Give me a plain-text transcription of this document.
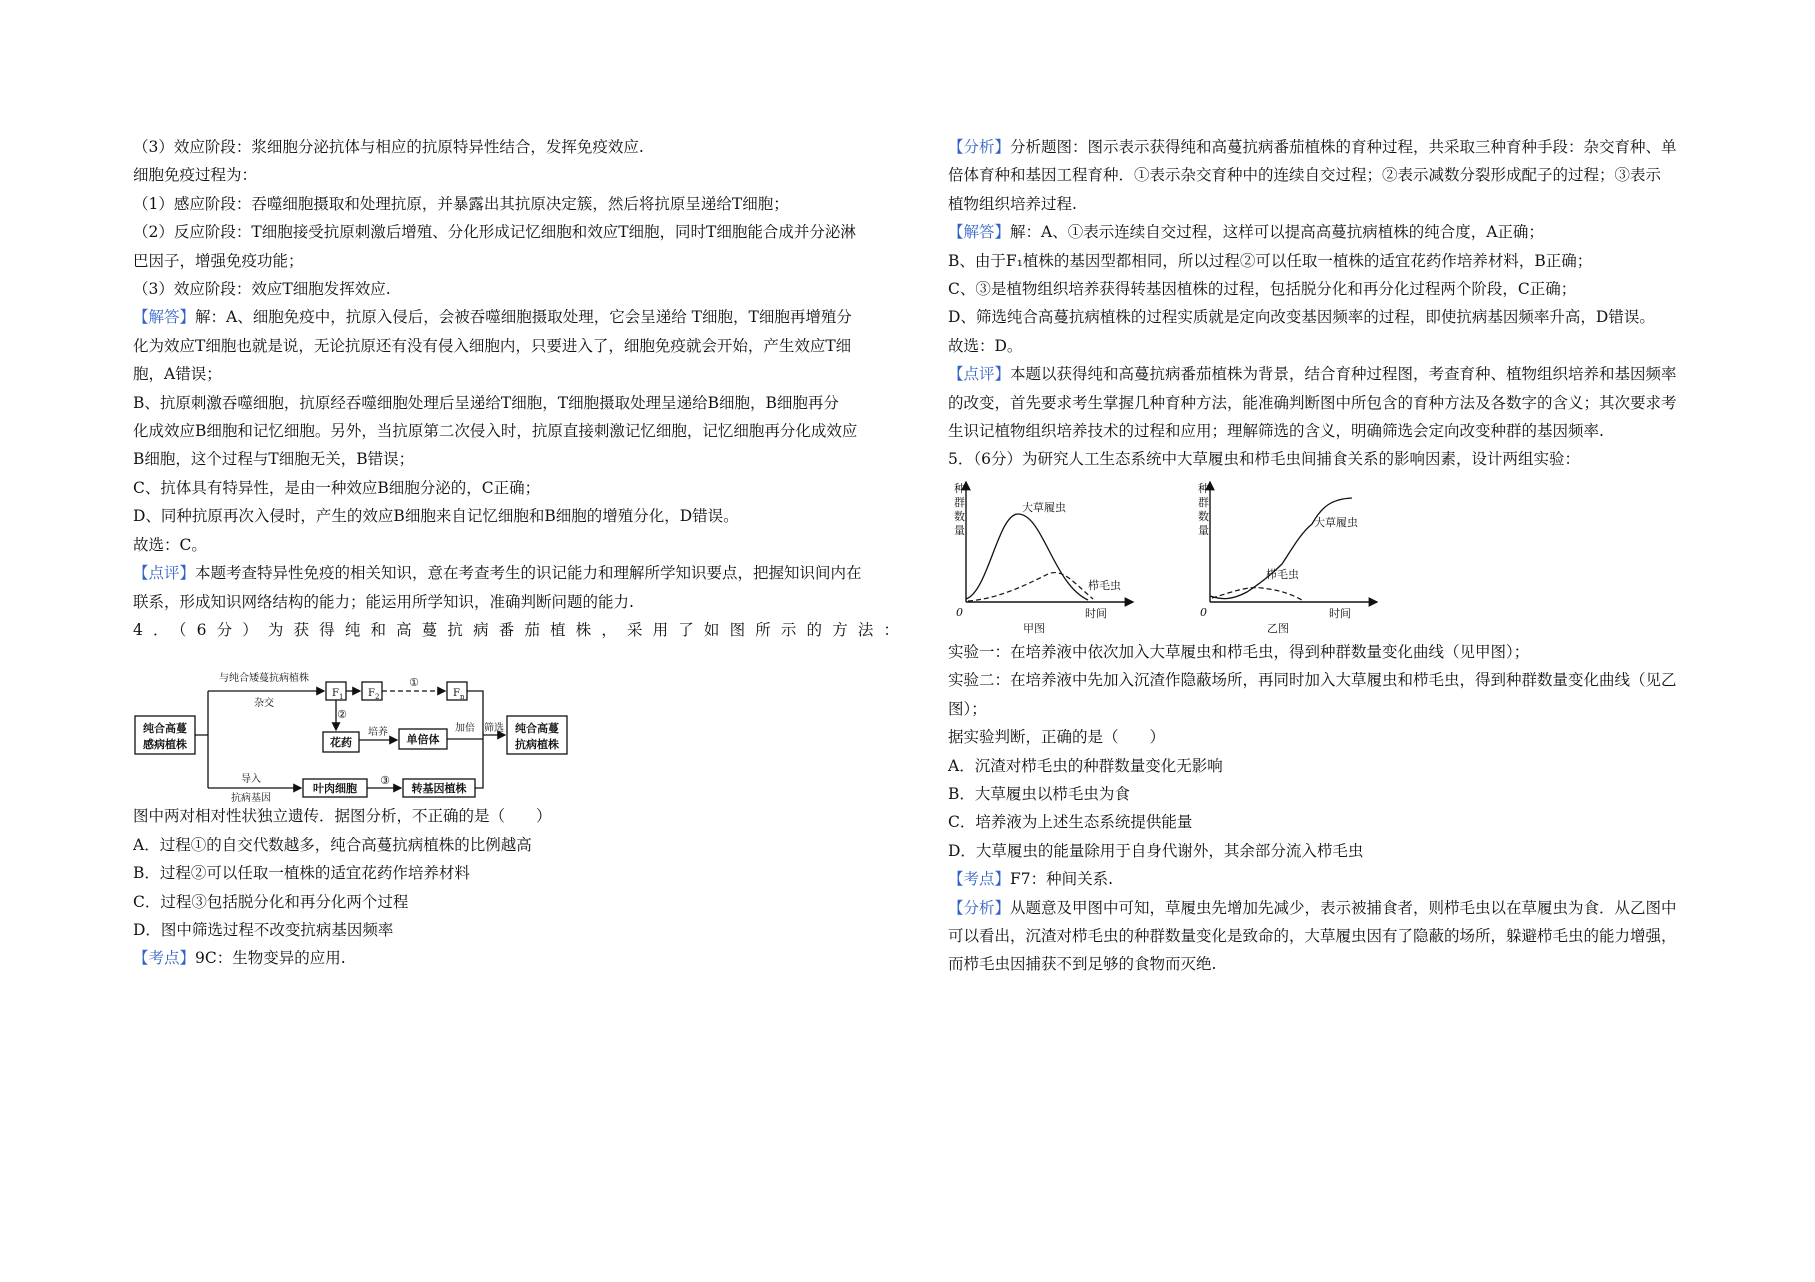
（3）效应阶段：浆细胞分泌抗体与相应的抗原特异性结合，发挥免疫效应.

细胞免疫过程为：

（1）感应阶段：吞噬细胞摄取和处理抗原，并暴露出其抗原决定簇，然后将抗原呈递给T细胞；

（2）反应阶段：T细胞接受抗原刺激后增殖、分化形成记忆细胞和效应T细胞，同时T细胞能合成并分泌淋

巴因子，增强免疫功能；

（3）效应阶段：效应T细胞发挥效应.

【解答】解：A、细胞免疫中，抗原入侵后，会被吞噬细胞摄取处理，它会呈递给 T细胞，T细胞再增殖分

化为效应T细胞也就是说，无论抗原还有没有侵入细胞内，只要进入了，细胞免疫就会开始，产生效应T细

胞，A错误；

B、抗原刺激吞噬细胞，抗原经吞噬细胞处理后呈递给T细胞，T细胞摄取处理呈递给B细胞，B细胞再分

化成效应B细胞和记忆细胞。另外，当抗原第二次侵入时，抗原直接刺激记忆细胞，记忆细胞再分化成效应

B细胞，这个过程与T细胞无关，B错误；

C、抗体具有特异性，是由一种效应B细胞分泌的，C正确；

D、同种抗原再次入侵时，产生的效应B细胞来自记忆细胞和B细胞的增殖分化，D错误。

故选：C。

【点评】本题考查特异性免疫的相关知识，意在考查考生的识记能力和理解所学知识要点，把握知识间内在

联系，形成知识网络结构的能力；能运用所学知识，准确判断问题的能力.

4．（6分）为获得纯和高蔓抗病番茄植株，采用了如图所示的方法：

纯合高蔓
感病植株
纯合高蔓
抗病植株
与纯合矮蔓抗病植株
杂交
$F_1$ $F_2$	$F_n$
①
②
③
花药
培养
单倍体
加倍 筛选
导入
抗病基因
叶肉细胞	转基因植株

图中两对相对性状独立遗传．据图分析，不正确的是（　　）

A．过程①的自交代数越多，纯合高蔓抗病植株的比例越高

B．过程②可以任取一植株的适宜花药作培养材料

C．过程③包括脱分化和再分化两个过程

D．图中筛选过程不改变抗病基因频率

【考点】9C：生物变异的应用.

【分析】分析题图：图示表示获得纯和高蔓抗病番茄植株的育种过程，共采取三种育种手段：杂交育种、单

倍体育种和基因工程育种．①表示杂交育种中的连续自交过程；②表示减数分裂形成配子的过程；③表示

植物组织培养过程.

【解答】解：A、①表示连续自交过程，这样可以提高高蔓抗病植株的纯合度，A正确；

B、由于F₁植株的基因型都相同，所以过程②可以任取一植株的适宜花药作培养材料，B正确；

C、③是植物组织培养获得转基因植株的过程，包括脱分化和再分化过程两个阶段，C正确；

D、筛选纯合高蔓抗病植株的过程实质就是定向改变基因频率的过程，即使抗病基因频率升高，D错误。

故选：D。

【点评】本题以获得纯和高蔓抗病番茄植株为背景，结合育种过程图，考查育种、植物组织培养和基因频率

的改变，首先要求考生掌握几种育种方法，能准确判断图中所包含的育种方法及各数字的含义；其次要求考

生识记植物组织培养技术的过程和应用；理解筛选的含义，明确筛选会定向改变种群的基因频率.

5．（6分）为研究人工生态系统中大草履虫和栉毛虫间捕食关系的影响因素，设计两组实验：

种
群
数
量
0	时间
甲图
大草履虫
栉毛虫
种
群
数
量
0	时间
乙图
大草履虫
栉毛虫

实验一：在培养液中依次加入大草履虫和栉毛虫，得到种群数量变化曲线（见甲图）；

实验二：在培养液中先加入沉渣作隐蔽场所，再同时加入大草履虫和栉毛虫，得到种群数量变化曲线（见乙

图）；

据实验判断，正确的是（　　）

A．沉渣对栉毛虫的种群数量变化无影响

B．大草履虫以栉毛虫为食

C．培养液为上述生态系统提供能量

D．大草履虫的能量除用于自身代谢外，其余部分流入栉毛虫

【考点】F7：种间关系.

【分析】从题意及甲图中可知，草履虫先增加先减少，表示被捕食者，则栉毛虫以在草履虫为食．从乙图中

可以看出，沉渣对栉毛虫的种群数量变化是致命的，大草履虫因有了隐蔽的场所，躲避栉毛虫的能力增强，

而栉毛虫因捕获不到足够的食物而灭绝.
